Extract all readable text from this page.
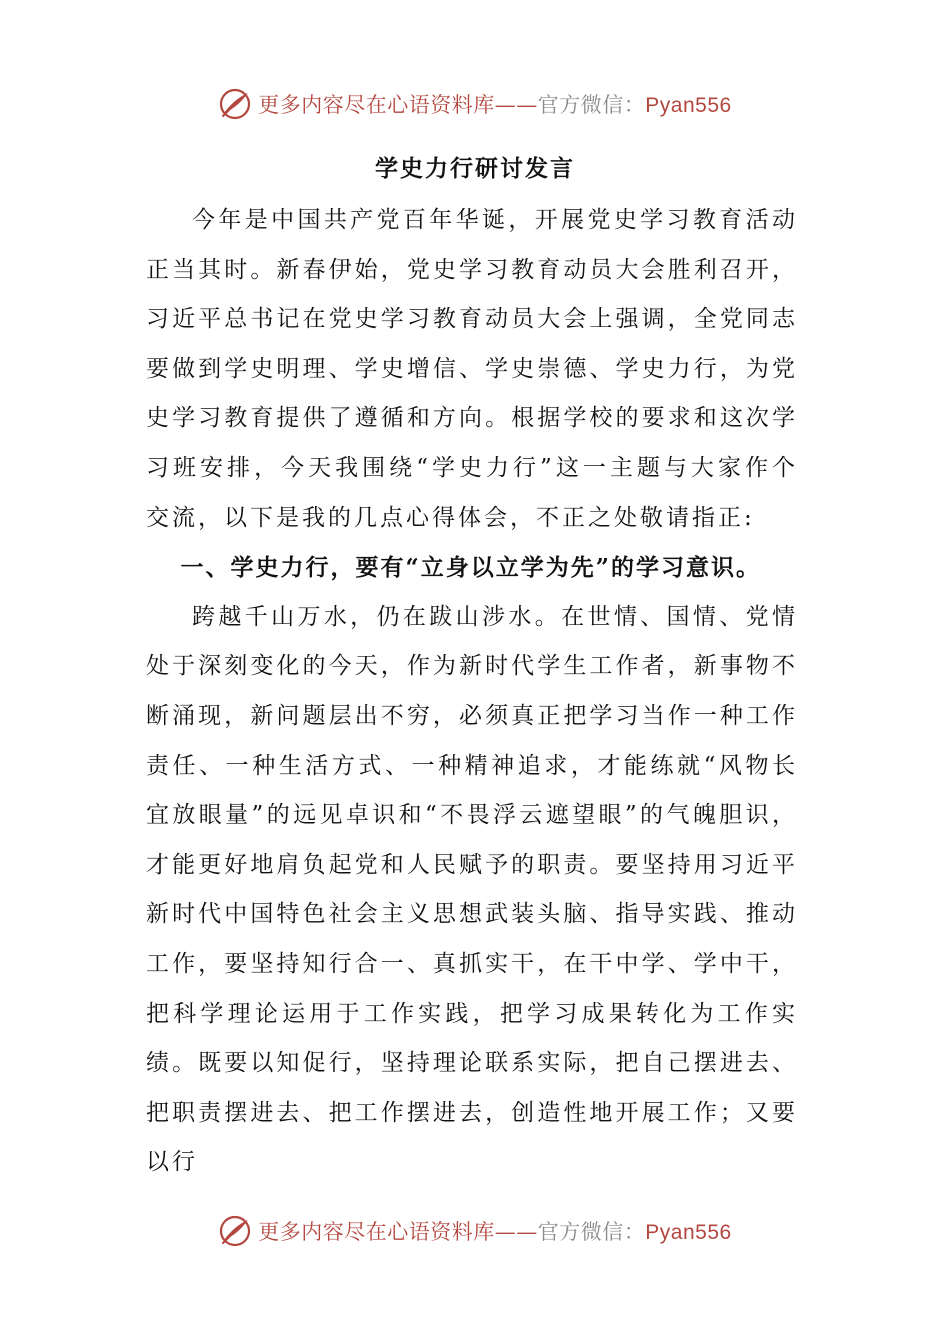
更多内容尽在心语资料库——官方微信：Pyan556
学史力行研讨发言

今年是中国共产党百年华诞，开展党史学习教育活动正当其时。新春伊始，党史学习教育动员大会胜利召开，习近平总书记在党史学习教育动员大会上强调，全党同志要做到学史明理、学史增信、学史崇德、学史力行，为党史学习教育提供了遵循和方向。根据学校的要求和这次学习班安排，今天我围绕“学史力行”这一主题与大家作个交流，以下是我的几点心得体会，不正之处敬请指正:

一、学史力行，要有“立身以立学为先”的学习意识。

跨越千山万水，仍在跋山涉水。在世情、国情、党情处于深刻变化的今天，作为新时代学生工作者，新事物不断涌现，新问题层出不穷，必须真正把学习当作一种工作责任、一种生活方式、一种精神追求，才能练就“风物长宜放眼量”的远见卓识和“不畏浮云遮望眼”的气魄胆识，才能更好地肩负起党和人民赋予的职责。要坚持用习近平新时代中国特色社会主义思想武装头脑、指导实践、推动工作，要坚持知行合一、真抓实干，在干中学、学中干，把科学理论运用于工作实践，把学习成果转化为工作实绩。既要以知促行，坚持理论联系实际，把自己摆进去、把职责摆进去、把工作摆进去，创造性地开展工作；又要以行

更多内容尽在心语资料库——官方微信：Pyan556
